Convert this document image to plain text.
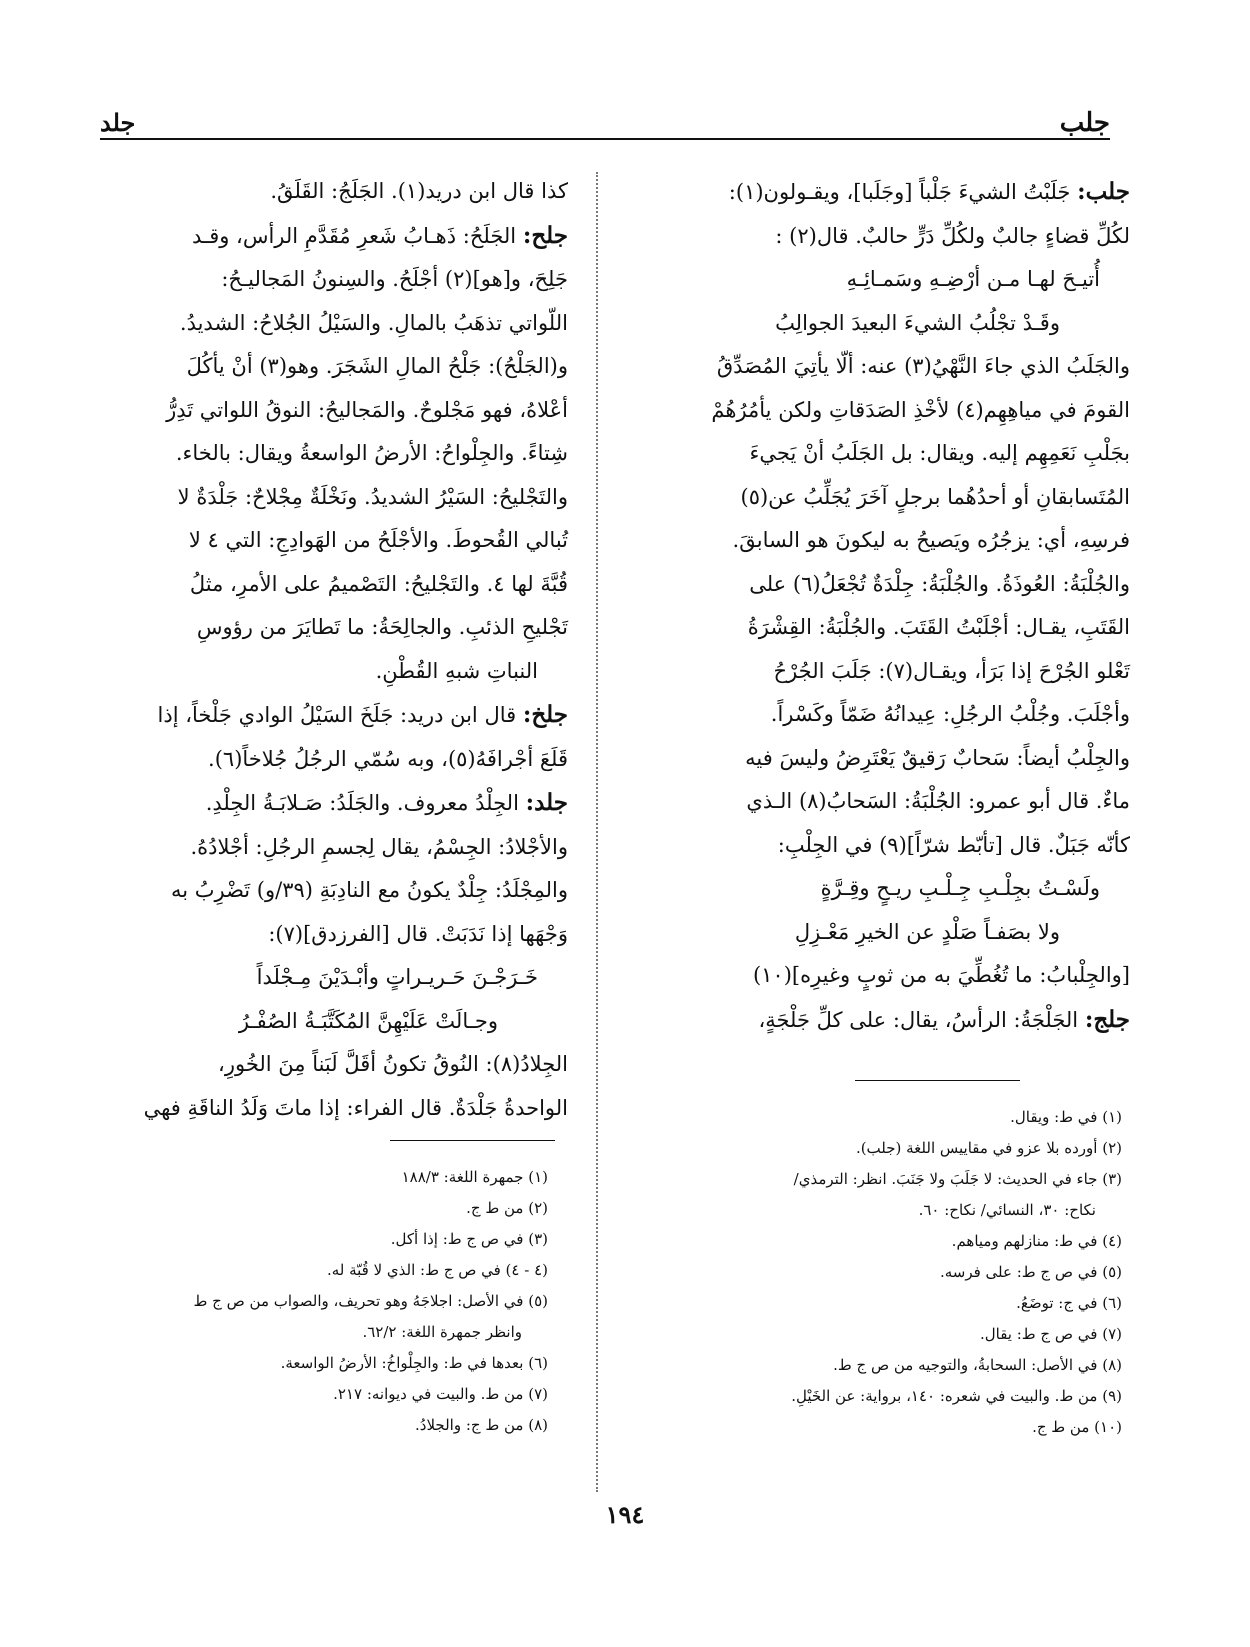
جلب
جلد

جلب: جَلَبْتُ الشيءَ جَلْباً [وجَلَبا]، ويقـولون(١):

لكُلِّ قضاءٍ جالبٌ ولكُلِّ دَرٍّ حالبٌ. قال(٢) :

أُتيـحَ لهـا مـن أرْضِـهِ وسَمـائِـهِ

وقَـدْ تجْلُبُ الشيءَ البعيدَ الجوالِبُ

والجَلَبُ الذي جاءَ النَّهْيُ(٣) عنه: ألّا يأتِيَ المُصَدِّقُ

القومَ في مياهِهِم(٤) لأخْذِ الصَدَقاتِ ولكن يأمُرُهُمْ

بجَلْبِ نَعَمِهِم إليه. ويقال: بل الجَلَبُ أنْ يَجيءَ

المُتَسابقانِ أو أحدُهُما برجلٍ آخَرَ يُجَلِّبُ عن(٥)

فرسِهِ، أي: يزجُرُه ويَصيحُ به ليكونَ هو السابقَ.

والجُلْبَةُ: العُوذَةُ. والجُلْبَةُ: جِلْدَةٌ تُجْعَلُ(٦) على

القَتَبِ، يقـال: أجْلَبْتُ القَتَبَ. والجُلْبَةُ: القِشْرَةُ

تَعْلو الجُرْحَ إذا بَرَأ، ويقـال(٧): جَلَبَ الجُرْحُ

وأجْلَبَ. وجُلْبُ الرجُلِ: عِيدانُهُ ضَمّاً وكَسْراً.

والجِلْبُ أيضاً: سَحابٌ رَقيقٌ يَعْتَرِضُ وليسَ فيه

ماءٌ. قال أبو عمرو: الجُلْبَةُ: السَحابُ(٨) الـذي

كأنّه جَبَلٌ. قال [تأبّط شرّاً](٩) في الجِلْبِ:

ولَسْـتُ بجِلْـبِ جِـلْـبِ ريـحٍ وقِـرَّةٍ

ولا بصَفـاً صَلْدٍ عن الخيرِ مَعْـزِلِ

[والجِلْبابُ: ما تُغُطِّيَ به من ثوبٍ وغيرِه](١٠)

جلج: الجَلْجَةُ: الرأسُ، يقال: على كلِّ جَلْجَةٍ،

كذا قال ابن دريد(١). الجَلَجُ: القَلَقُ.

جلح: الجَلَحُ: ذَهـابُ شَعرِ مُقَدَّمِ الرأس، وقـد

جَلِحَ، و[هو](٢) أجْلَحُ. والسِنونُ المَجاليـحُ:

اللّواتي تذهَبُ بالمالِ. والسَيْلُ الجُلاحُ: الشديدُ.

و(الجَلْحُ): جَلْحُ المالِ الشَجَرَ. وهو(٣) أنْ يأكُلَ

أعْلاهُ، فهو مَجْلوحٌ. والمَجاليحُ: النوقُ اللواتي تَدِرُّ

شِتاءً. والجِلْواحُ: الأرضُ الواسعةُ ويقال: بالخاء.

والتَجْليحُ: السَيْرُ الشديدُ. ونَخْلَةٌ مِجْلاحٌ: جَلْدَةٌ لا

تُبالي القُحوطَ. والأجْلَحُ من الهَوادِجِ: التي ٤ لا

قُبَّةَ لها ٤. والتَجْليحُ: التَصْميمُ على الأمرِ، مثلُ

تَجْليحِ الذئبِ. والجالِحَةُ: ما تَطايَرَ من رؤوسِ

النباتِ شبهِ القُطْنِ.

جلخ: قال ابن دريد: جَلَخَ السَيْلُ الوادي جَلْخاً، إذا

قَلَعَ أجْرافَهُ(٥)، وبه سُمّي الرجُلُ جُلاخاً(٦).

جلد: الجِلْدُ معروف. والجَلَدُ: صَـلابَـةُ الجِلْدِ.

والأجْلادُ: الجِسْمُ، يقال لِجسمِ الرجُلِ: أجْلادُهُ.

والمِجْلَدُ: جِلْدٌ يكونُ مع النادِبَةِ (٣٩/و) تَضْرِبُ به

وَجْهَها إذا نَدَبَتْ. قال [الفرزدق](٧):

خَـرَجْـنَ حَـريـراتٍ وأبْـدَيْنَ مِـجْلَداً

وجـالَتْ عَلَيْهِنَّ المُكَتَّبَـةُ الصُفْـرُ

الجِلادُ(٨): النُوقُ تكونُ أقَلَّ لَبَناً مِنَ الخُورِ،

الواحدةُ جَلْدَةٌ. قال الفراء: إذا ماتَ وَلَدُ الناقَةِ فهي	(١) في ط: ويقال.
(٢) أورده بلا عزو في مقاييس اللغة (جلب).
(٣) جاء في الحديث: لا جَلَبَ ولا جَنَبَ. انظر: الترمذي/
نكاح: ٣٠، النسائي/ نكاح: ٦٠.
(٤) في ط: منازلهم ومياهم.
(٥) في ص ج ط: على فرسه.
(٦) في ج: توضَعُ.
(٧) في ص ج ط: يقال.
(٨) في الأصل: السحابةُ، والتوجيه من ص ج ط.
(٩) من ط. والبيت في شعره: ١٤٠، برواية: عن الخَيْلِ.
(١٠) من ط ج.
(١) جمهرة اللغة: ١٨٨/٣
(٢) من ط ج.
(٣) في ص ج ط: إذا أكل.
(٤ - ٤) في ص ج ط: الذي لا قُبّة له.
(٥) في الأصل: اجلاجَهُ وهو تحريف، والصواب من ص ج ط
وانظر جمهرة اللغة: ٦٢/٢.
(٦) بعدها في ط: والجِلْواخُ: الأرضُ الواسعة.
(٧) من ط. والبيت في ديوانه: ٢١٧.
(٨) من ط ج: والجلادُ.
١٩٤
